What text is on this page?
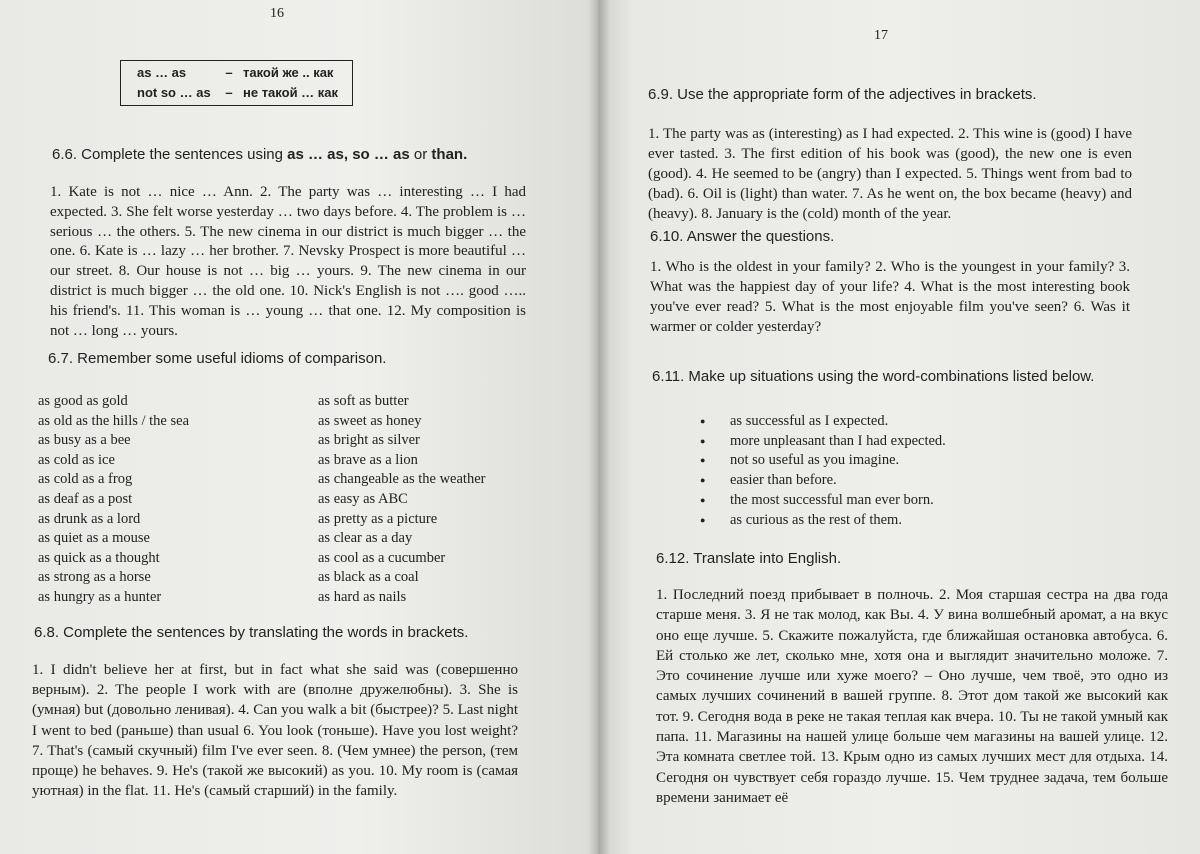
16
as … as	– такой же .. как
not so … as	– не такой … как
6.6. Complete the sentences using as … as, so … as or than.
1. Kate is not … nice … Ann. 2. The party was … interesting … I had expected. 3. She felt worse yesterday … two days before. 4. The problem is … serious … the others. 5. The new cinema in our district is much bigger … the one. 6. Kate is … lazy … her brother. 7. Nevsky Prospect is more beautiful … our street. 8. Our house is not … big … yours. 9. The new cinema in our district is much bigger … the old one. 10. Nick's English is not …. good ….. his friend's. 11. This woman is … young … that one. 12. My composition is not … long … yours.
6.7. Remember some useful idioms of comparison.
as good as gold	as soft as butter
as old as the hills / the sea	as sweet as honey
as busy as a bee	as bright as silver
as cold as ice	as brave as a lion
as cold as a frog	as changeable as the weather
as deaf as a post	as easy as ABC
as drunk as a lord	as pretty as a picture
as quiet as a mouse	as clear as a day
as quick as a thought	as cool as a cucumber
as strong as a horse	as black as a coal
as hungry as a hunter	as hard as nails
6.8. Complete the sentences by translating the words in brackets.
1. I didn't believe her at first, but in fact what she said was (совершенно верным). 2. The people I work with are (вполне дружелюбны). 3. She is (умная) but (довольно ленивая). 4. Can you walk a bit (быстрее)? 5. Last night I went to bed (раньше) than usual 6. You look (тоньше). Have you lost weight? 7. That's (самый скучный) film I've ever seen. 8. (Чем умнее) the person, (тем проще) he behaves. 9. He's (такой же высокий) as you. 10. My room is (самая уютная) in the flat. 11. He's (самый старший) in the family.
17
6.9. Use the appropriate form of the adjectives in brackets.
1. The party was as (interesting) as I had expected. 2. This wine is (good) I have ever tasted. 3. The first edition of his book was (good), the new one is even (good). 4. He seemed to be (angry) than I expected. 5. Things went from bad to (bad). 6. Oil is (light) than water. 7. As he went on, the box became (heavy) and (heavy). 8. January is the (cold) month of the year.
6.10. Answer the questions.
1. Who is the oldest in your family? 2. Who is the youngest in your family? 3. What was the happiest day of your life? 4. What is the most interesting book you've ever read? 5. What is the most enjoyable film you've seen? 6. Was it warmer or colder yesterday?
6.11. Make up situations using the word-combinations listed below.
●	as successful as I expected.
●	more unpleasant than I had expected.
●	not so useful as you imagine.
●	easier than before.
●	the most successful man ever born.
●	as curious as the rest of them.
6.12. Translate into English.
1. Последний поезд прибывает в полночь. 2. Моя старшая сестра на два года старше меня. 3. Я не так молод, как Вы. 4. У вина волшебный аромат, а на вкус оно еще лучше. 5. Скажите пожалуйста, где ближайшая остановка автобуса. 6. Ей столько же лет, сколько мне, хотя она и выглядит значительно моложе. 7. Это сочинение лучше или хуже моего? – Оно лучше, чем твоё, это одно из самых лучших сочинений в вашей группе. 8. Этот дом такой же высокий как тот. 9. Сегодня вода в реке не такая теплая как вчера. 10. Ты не такой умный как папа. 11. Магазины на нашей улице больше чем магазины на вашей улице. 12. Эта комната светлее той. 13. Крым одно из самых лучших мест для отдыха. 14. Сегодня он чувствует себя гораздо лучше. 15. Чем труднее задача, тем больше времени занимает её
